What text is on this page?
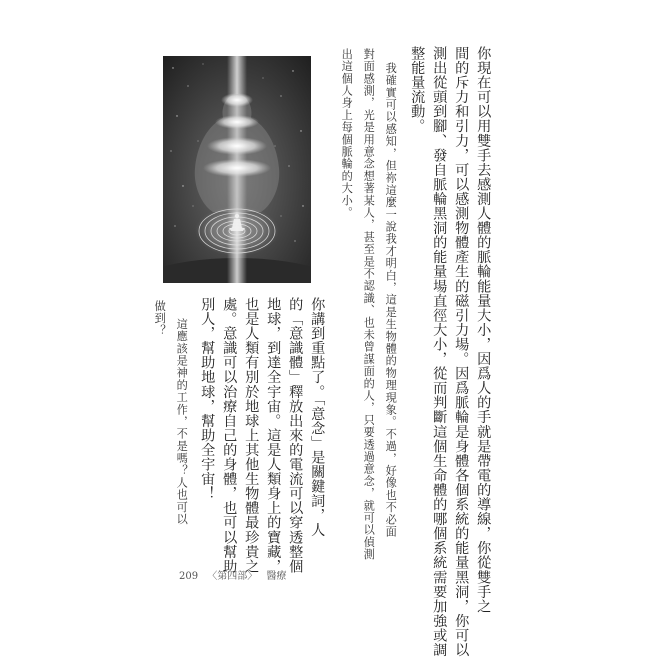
你現在可以用雙手去感測人體的脈輪能量大小，因爲人的手就是帶電的導線，你從雙手之
間的斥力和引力，可以感測物體產生的磁引力場。因爲脈輪是身體各個系統的能量黑洞，你可以
測出從頭到腳、發自脈輪黑洞的能量場直徑大小，從而判斷這個生命體的哪個系統需要加強或調
整能量流動。
我確實可以感知，但祢這麼一說我才明白，這是生物體的物理現象。不過，好像也不必面
對面感測，光是用意念想著某人，甚至是不認識、也未曾謀面的人，只要透過意念，就可以偵測
出這個人身上每個脈輪的大小。
你講到重點了。「意念」是關鍵詞，人
的「意識體」釋放出來的電流可以穿透整個
地球，到達全宇宙。這是人類身上的寶藏，
也是人類有別於地球上其他生物體最珍貴之
處。意識可以治療自己的身體，也可以幫助
別人，幫助地球，幫助全宇宙！
這應該是神的工作，不是嗎？人也可以
做到？
209 〈第四部〉 醫療
